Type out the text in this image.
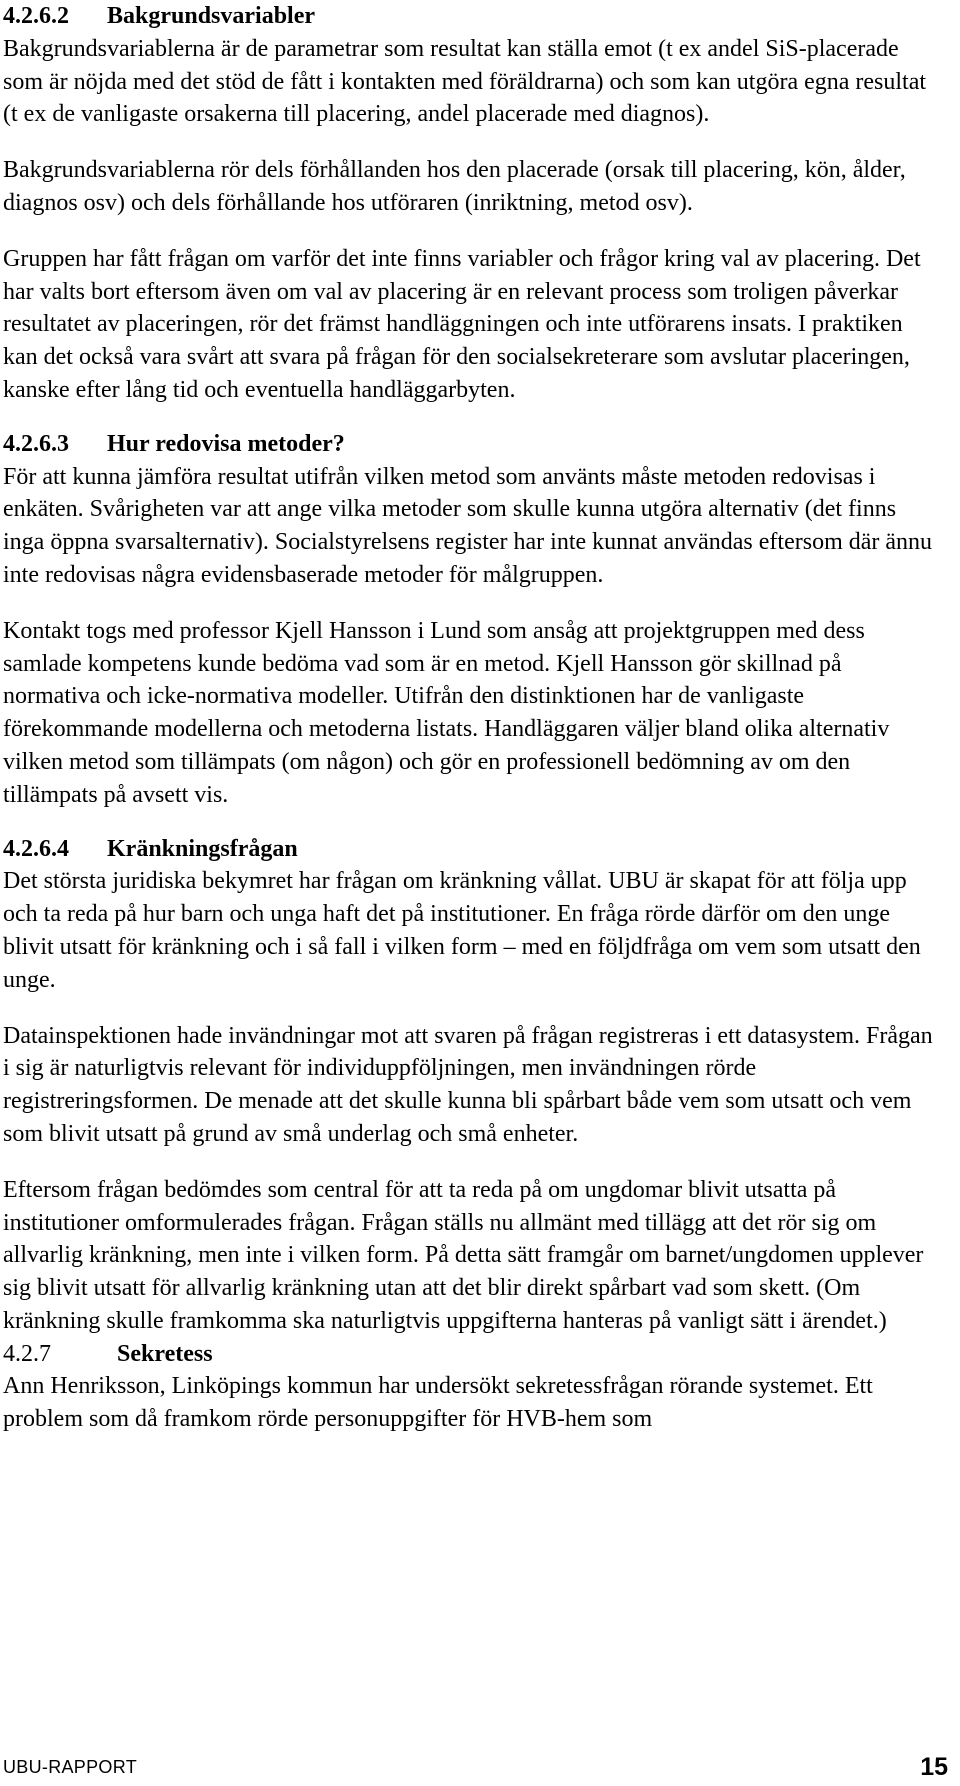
4.2.6.2 Bakgrundsvariabler

Bakgrundsvariablerna är de parametrar som resultat kan ställa emot (t ex andel SiS-placerade som är nöjda med det stöd de fått i kontakten med föräldrarna) och som kan utgöra egna resultat (t ex de vanligaste orsakerna till placering, andel placerade med diagnos).

Bakgrundsvariablerna rör dels förhållanden hos den placerade (orsak till placering, kön, ålder, diagnos osv) och dels förhållande hos utföraren (inriktning, metod osv).

Gruppen har fått frågan om varför det inte finns variabler och frågor kring val av placering. Det har valts bort eftersom även om val av placering är en relevant process som troligen påverkar resultatet av placeringen, rör det främst handläggningen och inte utförarens insats. I praktiken kan det också vara svårt att svara på frågan för den socialsekreterare som avslutar placeringen, kanske efter lång tid och eventuella handläggarbyten.

4.2.6.3 Hur redovisa metoder?

För att kunna jämföra resultat utifrån vilken metod som använts måste metoden redovisas i enkäten. Svårigheten var att ange vilka metoder som skulle kunna utgöra alternativ (det finns inga öppna svarsalternativ). Socialstyrelsens register har inte kunnat användas eftersom där ännu inte redovisas några evidensbaserade metoder för målgruppen.

Kontakt togs med professor Kjell Hansson i Lund som ansåg att projektgruppen med dess samlade kompetens kunde bedöma vad som är en metod. Kjell Hansson gör skillnad på normativa och icke-normativa modeller. Utifrån den distinktionen har de vanligaste förekommande modellerna och metoderna listats. Handläggaren väljer bland olika alternativ vilken metod som tillämpats (om någon) och gör en professionell bedömning av om den tillämpats på avsett vis.

4.2.6.4 Kränkningsfrågan

Det största juridiska bekymret har frågan om kränkning vållat. UBU är skapat för att följa upp och ta reda på hur barn och unga haft det på institutioner. En fråga rörde därför om den unge blivit utsatt för kränkning och i så fall i vilken form – med en följdfråga om vem som utsatt den unge.

Datainspektionen hade invändningar mot att svaren på frågan registreras i ett datasystem. Frågan i sig är naturligtvis relevant för individuppföljningen, men invändningen rörde registreringsformen. De menade att det skulle kunna bli spårbart både vem som utsatt och vem som blivit utsatt på grund av små underlag och små enheter.

Eftersom frågan bedömdes som central för att ta reda på om ungdomar blivit utsatta på institutioner omformulerades frågan. Frågan ställs nu allmänt med tillägg att det rör sig om allvarlig kränkning, men inte i vilken form. På detta sätt framgår om barnet/ungdomen upplever sig blivit utsatt för allvarlig kränkning utan att det blir direkt spårbart vad som skett. (Om kränkning skulle framkomma ska naturligtvis uppgifterna hanteras på vanligt sätt i ärendet.)

4.2.7	Sekretess

Ann Henriksson, Linköpings kommun har undersökt sekretessfrågan rörande systemet. Ett problem som då framkom rörde personuppgifter för HVB-hem som

UBU-RAPPORT	15
